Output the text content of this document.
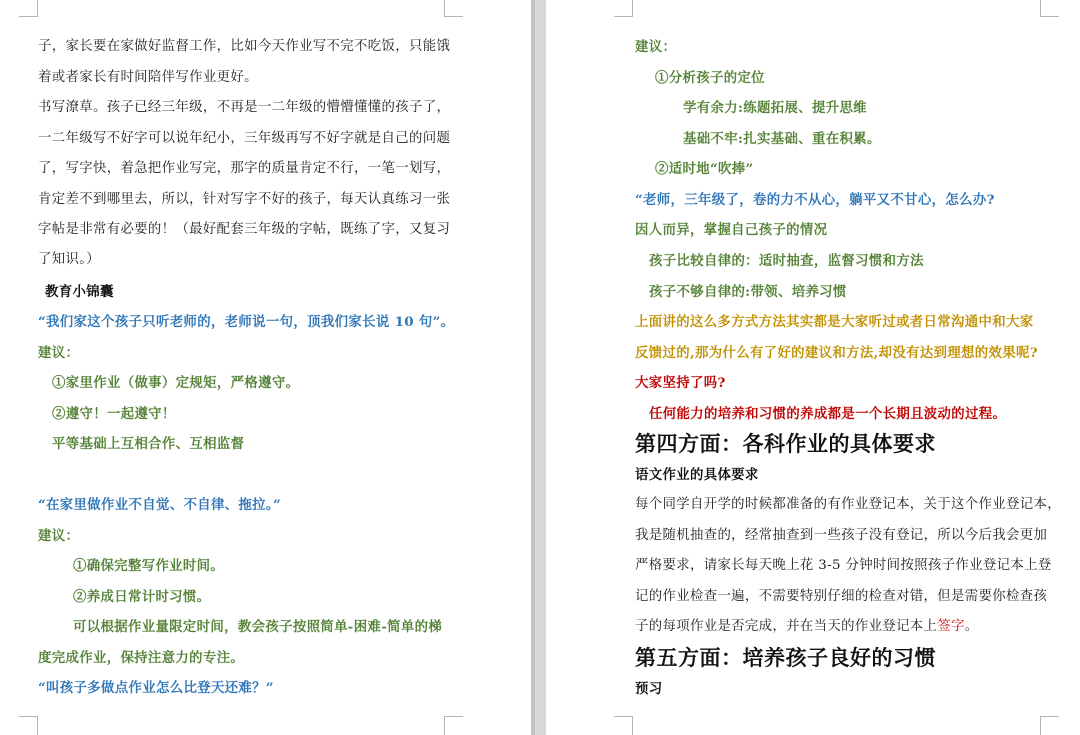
子，家长要在家做好监督工作，比如今天作业写不完不吃饭，只能饿
着或者家长有时间陪伴写作业更好。
书写潦草。孩子已经三年级，不再是一二年级的懵懵懂懂的孩子了，
一二年级写不好字可以说年纪小，三年级再写不好字就是自己的问题
了，写字快，着急把作业写完，那字的质量肯定不行，一笔一划写，
肯定差不到哪里去，所以，针对写字不好的孩子，每天认真练习一张
字帖是非常有必要的！（最好配套三年级的字帖，既练了字，又复习
了知识。）
教育小锦囊
“我们家这个孩子只听老师的，老师说一句，顶我们家长说 10 句”。
建议：
①家里作业（做事）定规矩，严格遵守。
②遵守！一起遵守！
平等基础上互相合作、互相监督
“在家里做作业不自觉、不自律、拖拉。”
建议：
①确保完整写作业时间。
②养成日常计时习惯。
可以根据作业量限定时间，教会孩子按照简单-困难-简单的梯
度完成作业，保持注意力的专注。
“叫孩子多做点作业怎么比登天还难？”
建议：
①分析孩子的定位
学有余力:练题拓展、提升思维
基础不牢:扎实基础、重在积累。
②适时地“吹捧”
“老师，三年级了，卷的力不从心，躺平又不甘心，怎么办?
因人而异，掌握自己孩子的情况
孩子比较自律的：适时抽查，监督习惯和方法
孩子不够自律的:带领、培养习惯
上面讲的这么多方式方法其实都是大家听过或者日常沟通中和大家
反馈过的,那为什么有了好的建议和方法,却没有达到理想的效果呢?
大家坚持了吗?
任何能力的培养和习惯的养成都是一个长期且波动的过程。
第四方面：各科作业的具体要求
语文作业的具体要求
每个同学自开学的时候都准备的有作业登记本，关于这个作业登记本，
我是随机抽查的，经常抽查到一些孩子没有登记，所以今后我会更加
严格要求，请家长每天晚上花 3-5 分钟时间按照孩子作业登记本上登
记的作业检查一遍，不需要特别仔细的检查对错，但是需要你检查孩
子的每项作业是否完成，并在当天的作业登记本上签字。
第五方面：培养孩子良好的习惯
预习
